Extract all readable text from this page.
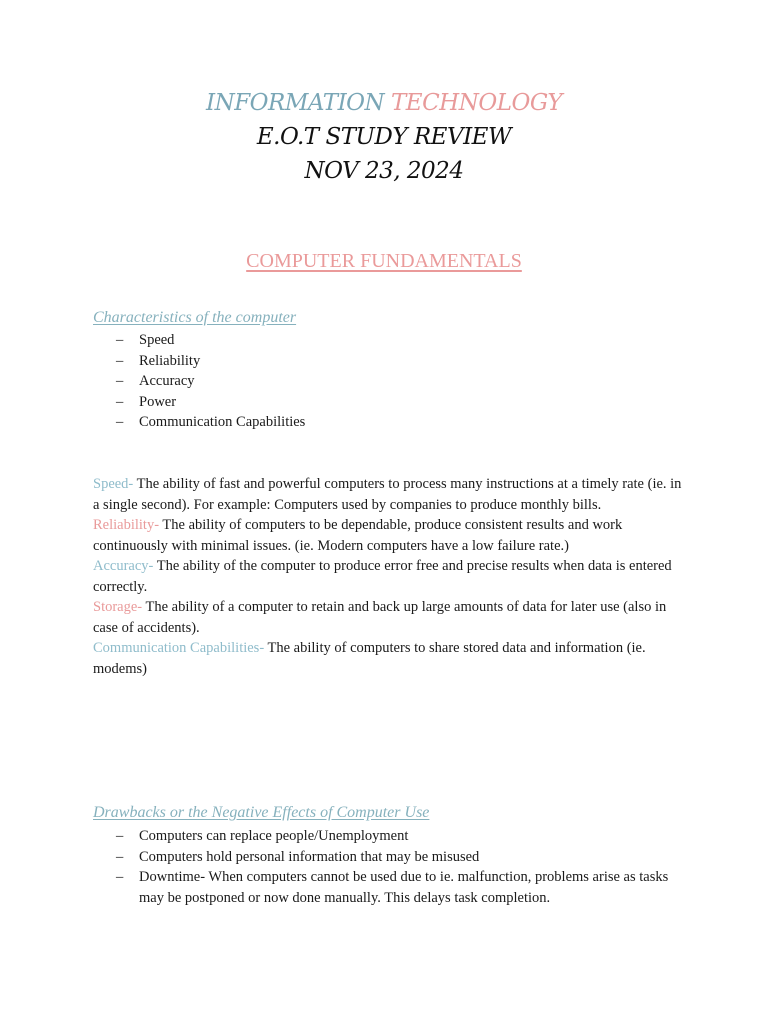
INFORMATION TECHNOLOGY
E.O.T STUDY REVIEW
NOV 23, 2024
COMPUTER FUNDAMENTALS
Characteristics of the computer
– Speed
– Reliability
– Accuracy
– Power
– Communication Capabilities

Speed- The ability of fast and powerful computers to process many instructions at a timely rate (ie. in a single second). For example: Computers used by companies to produce monthly bills.

Reliability- The ability of computers to be dependable, produce consistent results and work continuously with minimal issues. (ie. Modern computers have a low failure rate.)

Accuracy- The ability of the computer to produce error free and precise results when data is entered correctly.

Storage- The ability of a computer to retain and back up large amounts of data for later use (also in case of accidents).

Communication Capabilities- The ability of computers to share stored data and information (ie. modems)

Drawbacks or the Negative Effects of Computer Use
– Computers can replace people/Unemployment
– Computers hold personal information that may be misused
– Downtime- When computers cannot be used due to ie. malfunction, problems arise as tasks may be postponed or now done manually. This delays task completion.
